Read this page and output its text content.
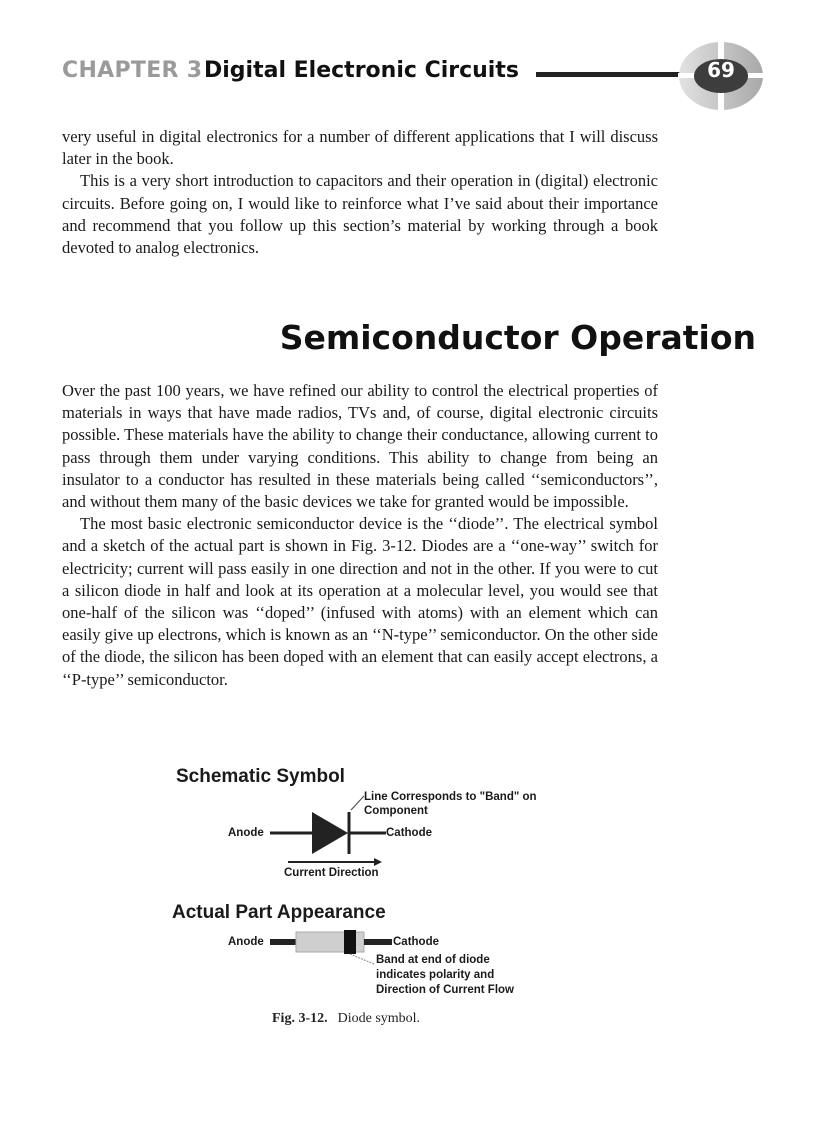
CHAPTER 3 Digital Electronic Circuits	69

very useful in digital electronics for a number of different applications that I will discuss later in the book.

This is a very short introduction to capacitors and their operation in (digital) electronic circuits. Before going on, I would like to reinforce what I’ve said about their importance and recommend that you follow up this section’s material by working through a book devoted to analog electronics.

Semiconductor Operation

Over the past 100 years, we have refined our ability to control the electrical properties of materials in ways that have made radios, TVs and, of course, digital electronic circuits possible. These materials have the ability to change their conductance, allowing current to pass through them under varying conditions. This ability to change from being an insulator to a conductor has resulted in these materials being called ‘‘semiconductors’’, and without them many of the basic devices we take for granted would be impossible.

The most basic electronic semiconductor device is the ‘‘diode’’. The electrical symbol and a sketch of the actual part is shown in Fig. 3-12. Diodes are a ‘‘one-way’’ switch for electricity; current will pass easily in one direction and not in the other. If you were to cut a silicon diode in half and look at its operation at a molecular level, you would see that one-half of the silicon was ‘‘doped’’ (infused with atoms) with an element which can easily give up electrons, which is known as an ‘‘N-type’’ semiconductor. On the other side of the diode, the silicon has been doped with an element that can easily accept electrons, a ‘‘P-type’’ semiconductor.

Schematic Symbol
Line Corresponds to "Band" on
Component
Anode	Cathode
Current Direction
Actual Part Appearance
Anode	Cathode
Band at end of diode
indicates polarity and
Direction of Current Flow
Fig. 3-12. Diode symbol.
